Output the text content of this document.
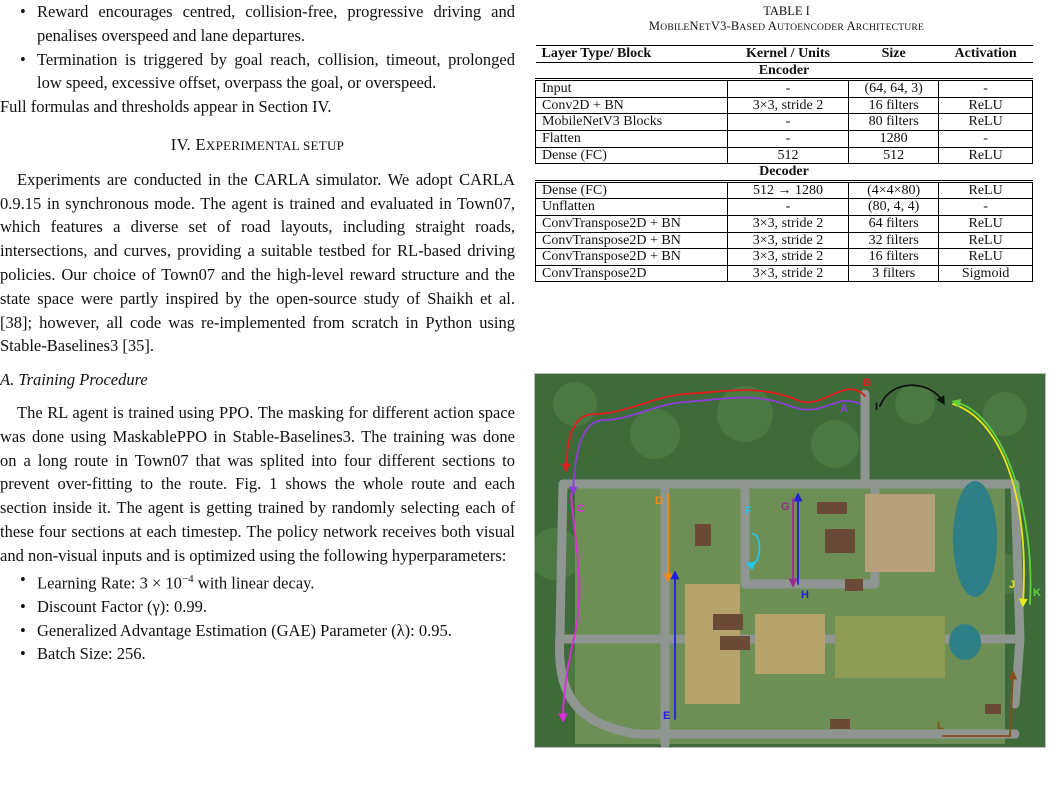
• Reward encourages centred, collision-free, progressive driving and penalises overspeed and lane departures.
• Termination is triggered by goal reach, collision, timeout, prolonged low speed, excessive offset, overpass the goal, or overspeed.

Full formulas and thresholds appear in Section IV.

IV. EXPERIMENTAL SETUP

Experiments are conducted in the CARLA simulator. We adopt CARLA 0.9.15 in synchronous mode. The agent is trained and evaluated in Town07, which features a diverse set of road layouts, including straight roads, intersections, and curves, providing a suitable testbed for RL-based driving policies. Our choice of Town07 and the high-level reward structure and the state space were partly inspired by the open-source study of Shaikh et al. [38]; however, all code was re-implemented from scratch in Python using Stable-Baselines3 [35].

A. Training Procedure

The RL agent is trained using PPO. The masking for different action space was done using MaskablePPO in Stable-Baselines3. The training was done on a long route in Town07 that was splited into four different sections to prevent over-fitting to the route. Fig. 1 shows the whole route and each section inside it. The agent is getting trained by randomly selecting each of these four sections at each timestep. The policy network receives both visual and non-visual inputs and is optimized using the following hyperparameters:

• Learning Rate: $3 \times 10^{-4}$ with linear decay.
• Discount Factor (γ): 0.99.
• Generalized Advantage Estimation (GAE) Parameter (λ): 0.95.
• Batch Size: 256.
TABLE I
MOBILENETV3-BASED AUTOENCODER ARCHITECTURE
Layer Type/ Block	Kernel / Units	Size	Activation
Encoder			
Input	-	(64, 64, 3)	-
Conv2D + BN	3×3, stride 2	16 filters	ReLU
MobileNetV3 Blocks	-	80 filters	ReLU
Flatten	-	1280	-
Dense (FC)	512	512	ReLU
Decoder			
Dense (FC)	512 → 1280	(4×4×80)	ReLU
Unflatten	-	(80, 4, 4)	-
ConvTranspose2D + BN	3×3, stride 2	64 filters	ReLU
ConvTranspose2D + BN	3×3, stride 2	32 filters	ReLU
ConvTranspose2D + BN	3×3, stride 2	16 filters	ReLU
ConvTranspose2D	3×3, stride 2	3 filters	Sigmoid
A
B
C
D
E
F	G
H
I
J
K
L
